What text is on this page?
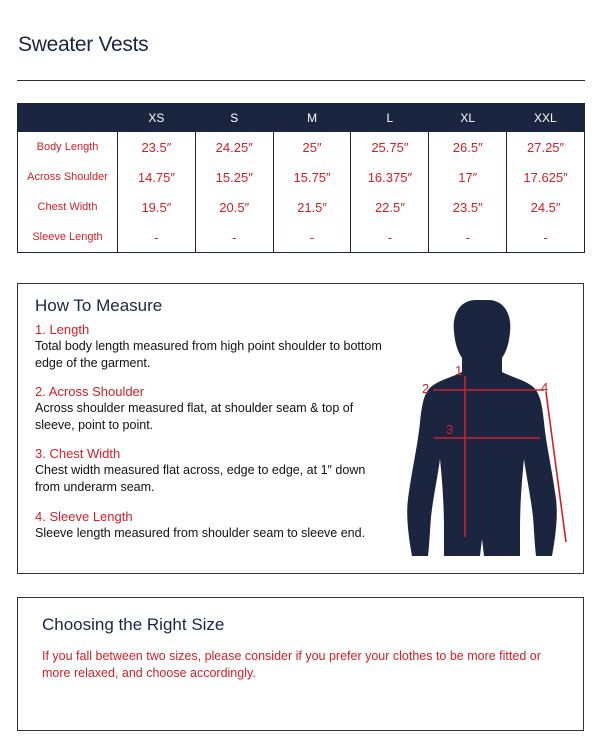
Sweater Vests
	XS	S	M	L	XL	XXL
Body Length	23.5″	24.25″	25″	25.75″	26.5″	27.25″
Across Shoulder	14.75″	15.25″	15.75″	16.375″	17″	17.625″
Chest Width	19.5″	20.5″	21.5″	22.5″	23.5″	24.5″
Sleeve Length	-	-	-	-	-	-
How To Measure
1. Length
Total body length measured from high point shoulder to bottom edge of the garment.
2. Across Shoulder
Across shoulder measured flat, at shoulder seam & top of sleeve, point to point.
3. Chest Width
Chest width measured flat across, edge to edge, at 1″ down from underarm seam.
4. Sleeve Length
Sleeve length measured from shoulder seam to sleeve end.
1
2
3
4
Choosing the Right Size
If you fall between two sizes, please consider if you prefer your clothes to be more fitted or more relaxed, and choose accordingly.
